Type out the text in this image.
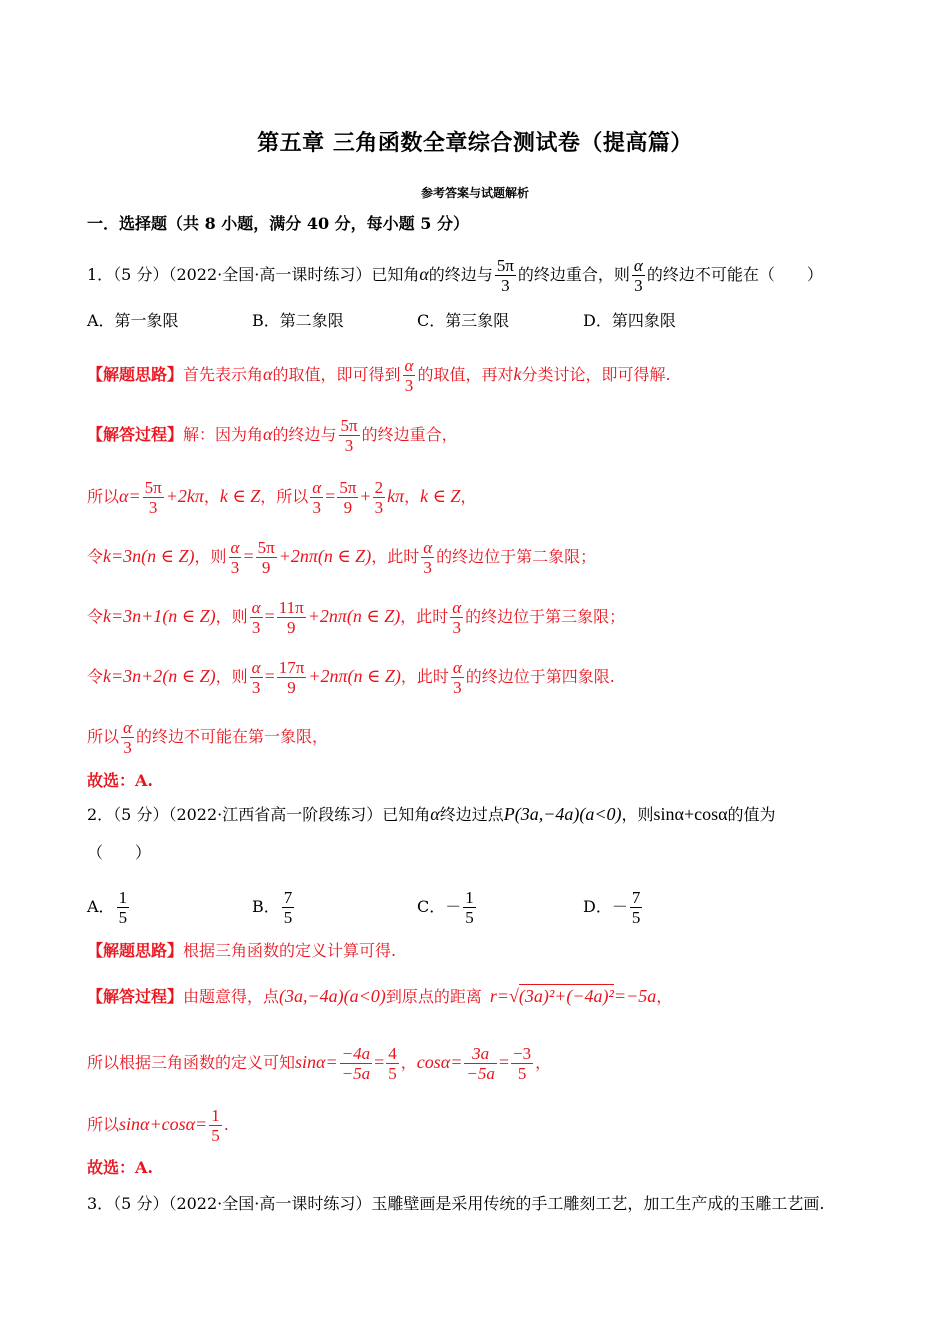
第五章 三角函数全章综合测试卷（提高篇）
参考答案与试题解析
一．选择题（共 8 小题，满分 40 分，每小题 5 分）
1．（5 分）（2022·全国·高一课时练习）已知角α的终边与 $\frac{5\pi}{3}$ 的终边重合，则 $\frac{\alpha}{3}$ 的终边不可能在（　　）
A．第一象限	B．第二象限	C．第三象限	D．第四象限
【解题思路】首先表示角α的取值，即可得到 $\frac{\alpha}{3}$ 的取值，再对k分类讨论，即可得解.
【解答过程】解：因为角α的终边与 $\frac{5\pi}{3}$ 的终边重合，
所以$\alpha= \frac{5\pi}{3} +2k\pi$，k ∈ Z，所以 $\frac{\alpha}{3} = \frac{5\pi}{9} + \frac{2}{3}$ kπ，k ∈ Z，
令k=3n(n ∈ Z)，则 $\frac{\alpha}{3} = \frac{5\pi}{9} +2n\pi(n$ ∈ Z)，此时 $\frac{\alpha}{3}$ 的终边位于第二象限；
令k=3n+1(n ∈ Z)，则 $\frac{\alpha}{3} = \frac{11\pi}{9} +2n\pi(n$ ∈ Z)，此时 $\frac{\alpha}{3}$ 的终边位于第三象限；
令k=3n+2(n ∈ Z)，则 $\frac{\alpha}{3} = \frac{17\pi}{9} +2n\pi(n$ ∈ Z)，此时 $\frac{\alpha}{3}$ 的终边位于第四象限.
所以 $\frac{\alpha}{3}$ 的终边不可能在第一象限，
故选：A.
2．（5 分）（2022·江西省高一阶段练习）已知角α终边过点P(3a,−4a)(a<0)，则sinα+cosα的值为
（　　）
A． $\frac{1}{5}$	B． $\frac{7}{5}$	C．－ $\frac{1}{5}$	D．－ $\frac{7}{5}$
【解题思路】根据三角函数的定义计算可得.
【解答过程】由题意得，点(3a,−4a)(a<0)到原点的距离 r=√(3a)²+(−4a)²=−5a，
所以根据三角函数的定义可知$\sin\alpha= \frac{-4a}{-5a} = \frac{4}{5}$ ，$\cos\alpha= \frac{3a}{-5a} = \frac{-3}{5}$ ，
所以$\sin\alpha+\cos\alpha= \frac{1}{5}$ .
故选：A.
3．（5 分）（2022·全国·高一课时练习）玉雕壁画是采用传统的手工雕刻工艺，加工生产成的玉雕工艺画.
